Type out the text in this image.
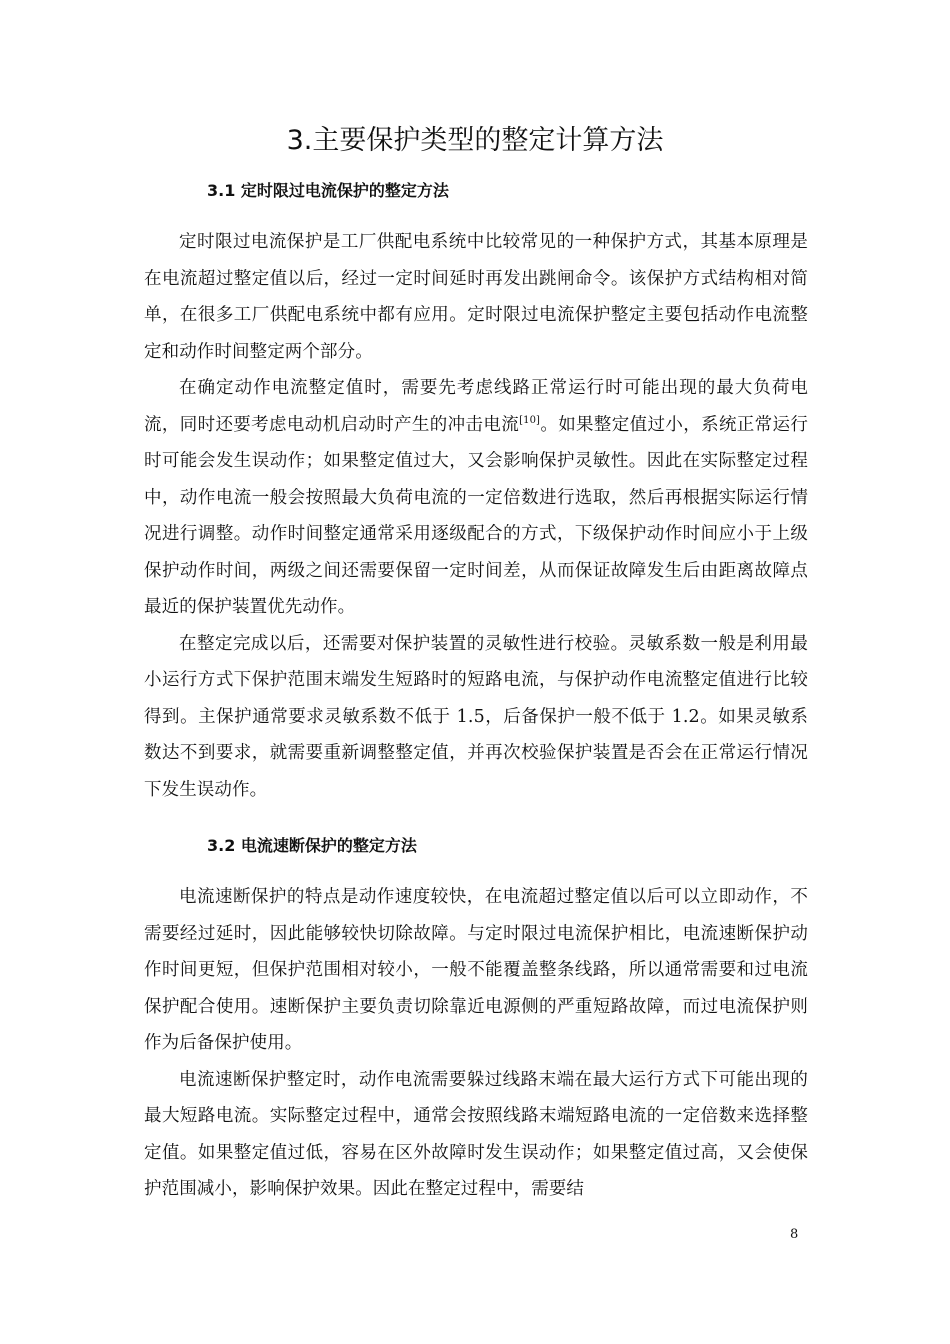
3.主要保护类型的整定计算方法
3.1 定时限过电流保护的整定方法

定时限过电流保护是工厂供配电系统中比较常见的一种保护方式，其基本原理是在电流超过整定值以后，经过一定时间延时再发出跳闸命令。该保护方式结构相对简单，在很多工厂供配电系统中都有应用。定时限过电流保护整定主要包括动作电流整定和动作时间整定两个部分。

在确定动作电流整定值时，需要先考虑线路正常运行时可能出现的最大负荷电流，同时还要考虑电动机启动时产生的冲击电流[10]。如果整定值过小，系统正常运行时可能会发生误动作；如果整定值过大，又会影响保护灵敏性。因此在实际整定过程中，动作电流一般会按照最大负荷电流的一定倍数进行选取，然后再根据实际运行情况进行调整。动作时间整定通常采用逐级配合的方式，下级保护动作时间应小于上级保护动作时间，两级之间还需要保留一定时间差，从而保证故障发生后由距离故障点最近的保护装置优先动作。

在整定完成以后，还需要对保护装置的灵敏性进行校验。灵敏系数一般是利用最小运行方式下保护范围末端发生短路时的短路电流，与保护动作电流整定值进行比较得到。主保护通常要求灵敏系数不低于 1.5，后备保护一般不低于 1.2。如果灵敏系数达不到要求，就需要重新调整整定值，并再次校验保护装置是否会在正常运行情况下发生误动作。

3.2 电流速断保护的整定方法

电流速断保护的特点是动作速度较快，在电流超过整定值以后可以立即动作，不需要经过延时，因此能够较快切除故障。与定时限过电流保护相比，电流速断保护动作时间更短，但保护范围相对较小，一般不能覆盖整条线路，所以通常需要和过电流保护配合使用。速断保护主要负责切除靠近电源侧的严重短路故障，而过电流保护则作为后备保护使用。

电流速断保护整定时，动作电流需要躲过线路末端在最大运行方式下可能出现的最大短路电流。实际整定过程中，通常会按照线路末端短路电流的一定倍数来选择整定值。如果整定值过低，容易在区外故障时发生误动作；如果整定值过高，又会使保护范围减小，影响保护效果。因此在整定过程中，需要结

8
